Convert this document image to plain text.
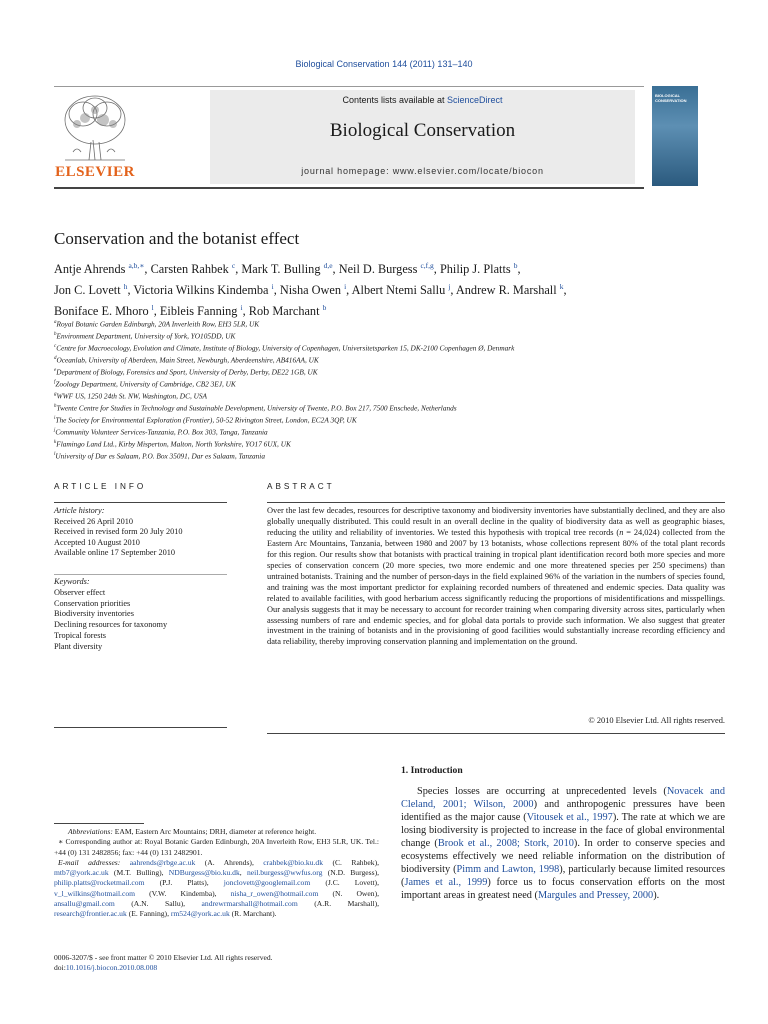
Biological Conservation 144 (2011) 131–140
ELSEVIER
Contents lists available at ScienceDirect
Biological Conservation
journal homepage: www.elsevier.com/locate/biocon
BIOLOGICAL
CONSERVATION
Conservation and the botanist effect
Antje Ahrends $^{a,b,∗}$, Carsten Rahbek $^c$, Mark T. Bulling $^{d,e}$, Neil D. Burgess $^{c,f,g}$, Philip J. Platts $^b$,
Jon C. Lovett $^h$, Victoria Wilkins Kindemba $^i$, Nisha Owen $^i$, Albert Ntemi Sallu $^j$, Andrew R. Marshall $^k$,
Boniface E. Mhoro $^l$, Eibleis Fanning $^i$, Rob Marchant $^b$
$^a$Royal Botanic Garden Edinburgh, 20A Inverleith Row, EH3 5LR, UK
$^b$Environment Department, University of York, YO105DD, UK
$^c$Centre for Macroecology, Evolution and Climate, Institute of Biology, University of Copenhagen, Universitetsparken 15, DK-2100 Copenhagen Ø, Denmark
$^d$Oceanlab, University of Aberdeen, Main Street, Newburgh, Aberdeenshire, AB416AA, UK
$^e$Department of Biology, Forensics and Sport, University of Derby, Derby, DE22 1GB, UK
$^f$Zoology Department, University of Cambridge, CB2 3EJ, UK
$^g$WWF US, 1250 24th St. NW, Washington, DC, USA
$^h$Twente Centre for Studies in Technology and Sustainable Development, University of Twente, P.O. Box 217, 7500 Enschede, Netherlands
$^i$The Society for Environmental Exploration (Frontier), 50-52 Rivington Street, London, EC2A 3QP, UK
$^j$Community Volunteer Services-Tanzania, P.O. Box 303, Tanga, Tanzania
$^k$Flamingo Land Ltd., Kirby Misperton, Malton, North Yorkshire, YO17 6UX, UK
$^l$University of Dar es Salaam, P.O. Box 35091, Dar es Salaam, Tanzania
ARTICLE INFO
Article history:
Received 26 April 2010
Received in revised form 20 July 2010
Accepted 10 August 2010
Available online 17 September 2010
Keywords:
Observer effect
Conservation priorities
Biodiversity inventories
Declining resources for taxonomy
Tropical forests
Plant diversity
ABSTRACT
Over the last few decades, resources for descriptive taxonomy and biodiversity inventories have substantially declined, and they are also globally unequally distributed. This could result in an overall decline in the quality of biodiversity data as well as geographic biases, reducing the utility and reliability of inventories. We tested this hypothesis with tropical tree records (n = 24,024) collected from the Eastern Arc Mountains, Tanzania, between 1980 and 2007 by 13 botanists, whose collections represent 80% of the total plant records for this region. Our results show that botanists with practical training in tropical plant identification record both more species and more species of conservation concern (20 more species, two more endemic and one more threatened species per 250 specimens) than untrained botanists. Training and the number of person-days in the field explained 96% of the variation in the numbers of species found, and training was the most important predictor for explaining recorded numbers of threatened and endemic species. Data quality was related to available facilities, with good herbarium access significantly reducing the proportions of misidentifications and misspellings. Our analysis suggests that it may be necessary to account for recorder training when comparing diversity across sites, particularly when assessing numbers of rare and endemic species, and for global data portals to provide such information. We also suggest that greater investment in the training of botanists and in the provisioning of good facilities would substantially increase recording efficiency and data reliability, thereby improving conservation planning and implementation on the ground.
© 2010 Elsevier Ltd. All rights reserved.
1. Introduction
Species losses are occurring at unprecedented levels (Novacek and Cleland, 2001; Wilson, 2000) and anthropogenic pressures have been identified as the major cause (Vitousek et al., 1997). The rate at which we are losing biodiversity is projected to increase in the face of global environmental change (Brook et al., 2008; Stork, 2010). In order to conserve species and ecosystems effectively we need reliable information on the distribution of biodiversity (Pimm and Lawton, 1998), particularly because limited resources (James et al., 1999) force us to focus conservation efforts on the most important areas in greatest need (Margules and Pressey, 2000).
Abbreviations: EAM, Eastern Arc Mountains; DRH, diameter at reference height.
∗ Corresponding author at: Royal Botanic Garden Edinburgh, 20A Inverleith Row, EH3 5LR, UK. Tel.: +44 (0) 131 2482856; fax: +44 (0) 131 2482901.
E-mail addresses: aahrends@rbge.ac.uk (A. Ahrends), crahbek@bio.ku.dk (C. Rahbek), mtb7@york.ac.uk (M.T. Bulling), NDBurgess@bio.ku.dk, neil.burgess@wwfus.org (N.D. Burgess), philip.platts@rocketmail.com (P.J. Platts), jonclovett@googlemail.com (J.C. Lovett), v_l_wilkins@hotmail.com (V.W. Kindemba), nisha_r_owen@hotmail.com (N. Owen), ansallu@gmail.com (A.N. Sallu), andrewrmarshall@hotmail.com (A.R. Marshall), research@frontier.ac.uk (E. Fanning), rm524@york.ac.uk (R. Marchant).
0006-3207/$ - see front matter © 2010 Elsevier Ltd. All rights reserved.
doi:10.1016/j.biocon.2010.08.008
